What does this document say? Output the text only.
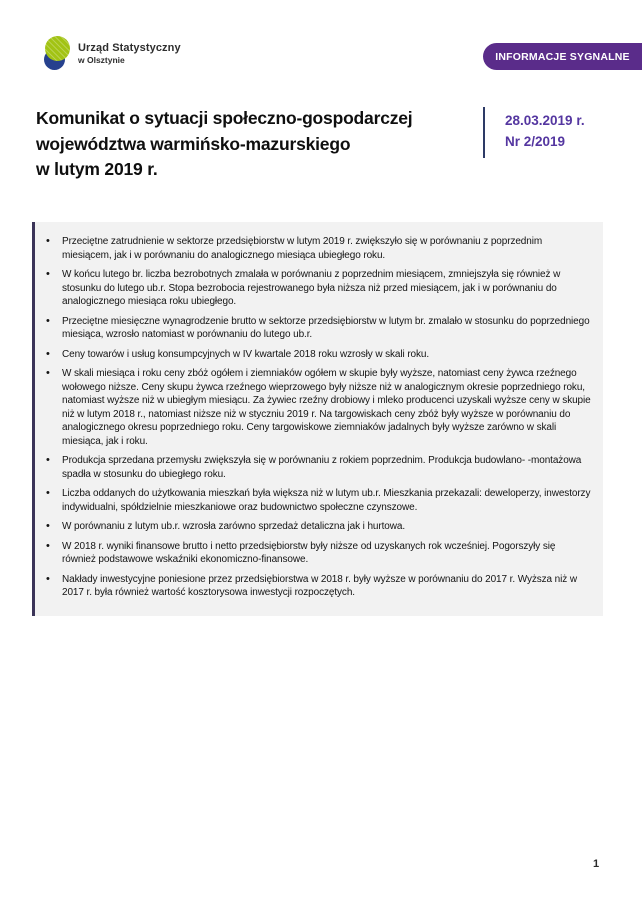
Urząd Statystyczny
w Olsztynie	INFORMACJE SYGNALNE
Komunikat o sytuacji społeczno-gospodarczej
województwa warmińsko-mazurskiego
w lutym 2019 r.
28.03.2019 r.
Nr 2/2019
• Przeciętne zatrudnienie w sektorze przedsiębiorstw w lutym 2019 r. zwiększyło się w porównaniu z poprzednim miesiącem, jak i w porównaniu do analogicznego miesiąca ubiegłego roku.
• W końcu lutego br. liczba bezrobotnych zmalała w porównaniu z poprzednim miesiącem, zmniejszyła się również w stosunku do lutego ub.r. Stopa bezrobocia rejestrowanego była niższa niż przed miesiącem, jak i w porównaniu do analogicznego miesiąca roku ubiegłego.
• Przeciętne miesięczne wynagrodzenie brutto w sektorze przedsiębiorstw w lutym br. zmalało w stosunku do poprzedniego miesiąca, wzrosło natomiast w porównaniu do lutego ub.r.
• Ceny towarów i usług konsumpcyjnych w IV kwartale 2018 roku wzrosły w skali roku.
• W skali miesiąca i roku ceny zbóż ogółem i ziemniaków ogółem w skupie były wyższe, natomiast ceny żywca rzeźnego wołowego niższe. Ceny skupu żywca rzeźnego wieprzowego były niższe niż w analogicznym okresie poprzedniego roku, natomiast wyższe niż w ubiegłym miesiącu. Za żywiec rzeźny drobiowy i mleko producenci uzyskali wyższe ceny w skupie niż w lutym 2018 r., natomiast niższe niż w styczniu 2019 r. Na targowiskach ceny zbóż były wyższe w porównaniu do analogicznego okresu poprzedniego roku. Ceny targowiskowe ziemniaków jadalnych były wyższe zarówno w skali miesiąca, jak i roku.
• Produkcja sprzedana przemysłu zwiększyła się w porównaniu z rokiem poprzednim. Produkcja budowlano- -montażowa spadła w stosunku do ubiegłego roku.
• Liczba oddanych do użytkowania mieszkań była większa niż w lutym ub.r. Mieszkania przekazali: deweloperzy, inwestorzy indywidualni, spółdzielnie mieszkaniowe oraz budownictwo społeczne czynszowe.
• W porównaniu z lutym ub.r. wzrosła zarówno sprzedaż detaliczna jak i hurtowa.
• W 2018 r. wyniki finansowe brutto i netto przedsiębiorstw były niższe od uzyskanych rok wcześniej. Pogorszyły się również podstawowe wskaźniki ekonomiczno-finansowe.
• Nakłady inwestycyjne poniesione przez przedsiębiorstwa w 2018 r. były wyższe w porównaniu do 2017 r. Wyższa niż w 2017 r. była również wartość kosztorysowa inwestycji rozpoczętych.
1
